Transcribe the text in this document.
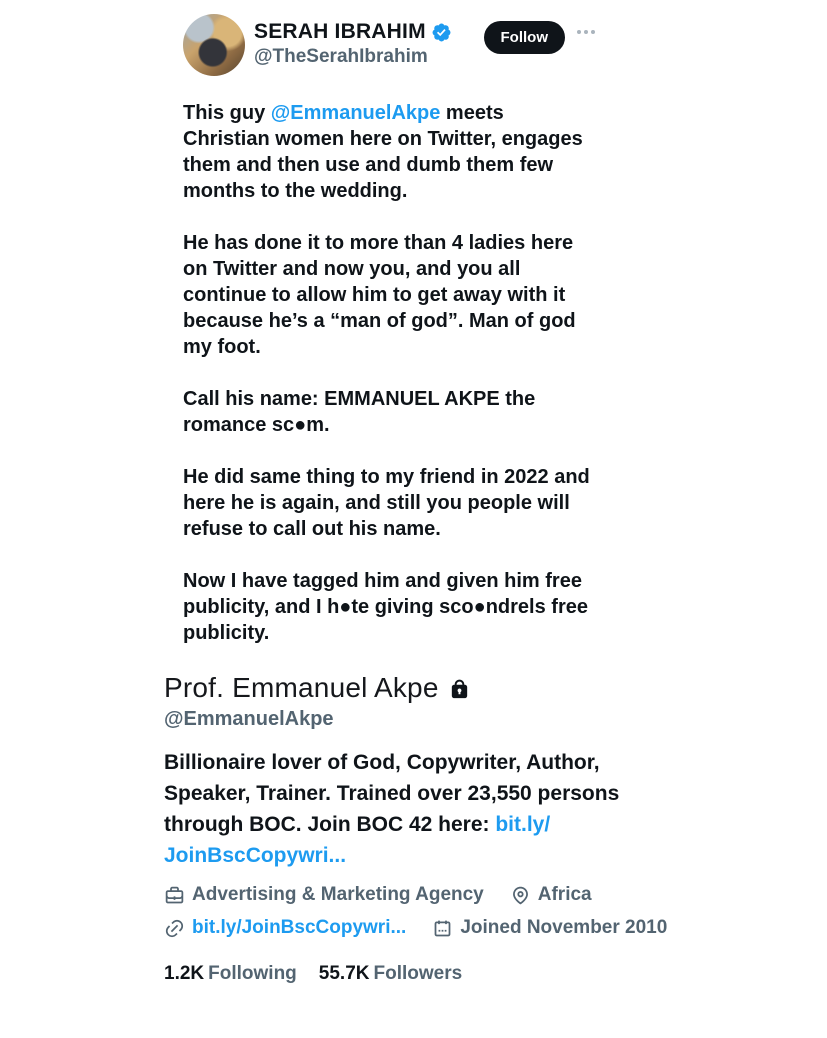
SERAH IBRAHIM
@TheSerahIbrahim
Follow

This guy @EmmanuelAkpe meets Christian women here on Twitter, engages them and then use and dumb them few months to the wedding.

He has done it to more than 4 ladies here on Twitter and now you, and you all continue to allow him to get away with it because he’s a “man of god”. Man of god my foot.

Call his name: EMMANUEL AKPE the romance sc●m.

He did same thing to my friend in 2022 and here he is again, and still you people will refuse to call out his name.

Now I have tagged him and given him free publicity, and I h●te giving sco●ndrels free publicity.

Prof. Emmanuel Akpe
@EmmanuelAkpe

Billionaire lover of God, Copywriter, Author, Speaker, Trainer. Trained over 23,550 persons through BOC. Join BOC 42 here: bit.ly/JoinBscCopywri...

Advertising & Marketing Agency	Africa
bit.ly/JoinBscCopywri...	Joined November 2010
1.2K Following 55.7K Followers
